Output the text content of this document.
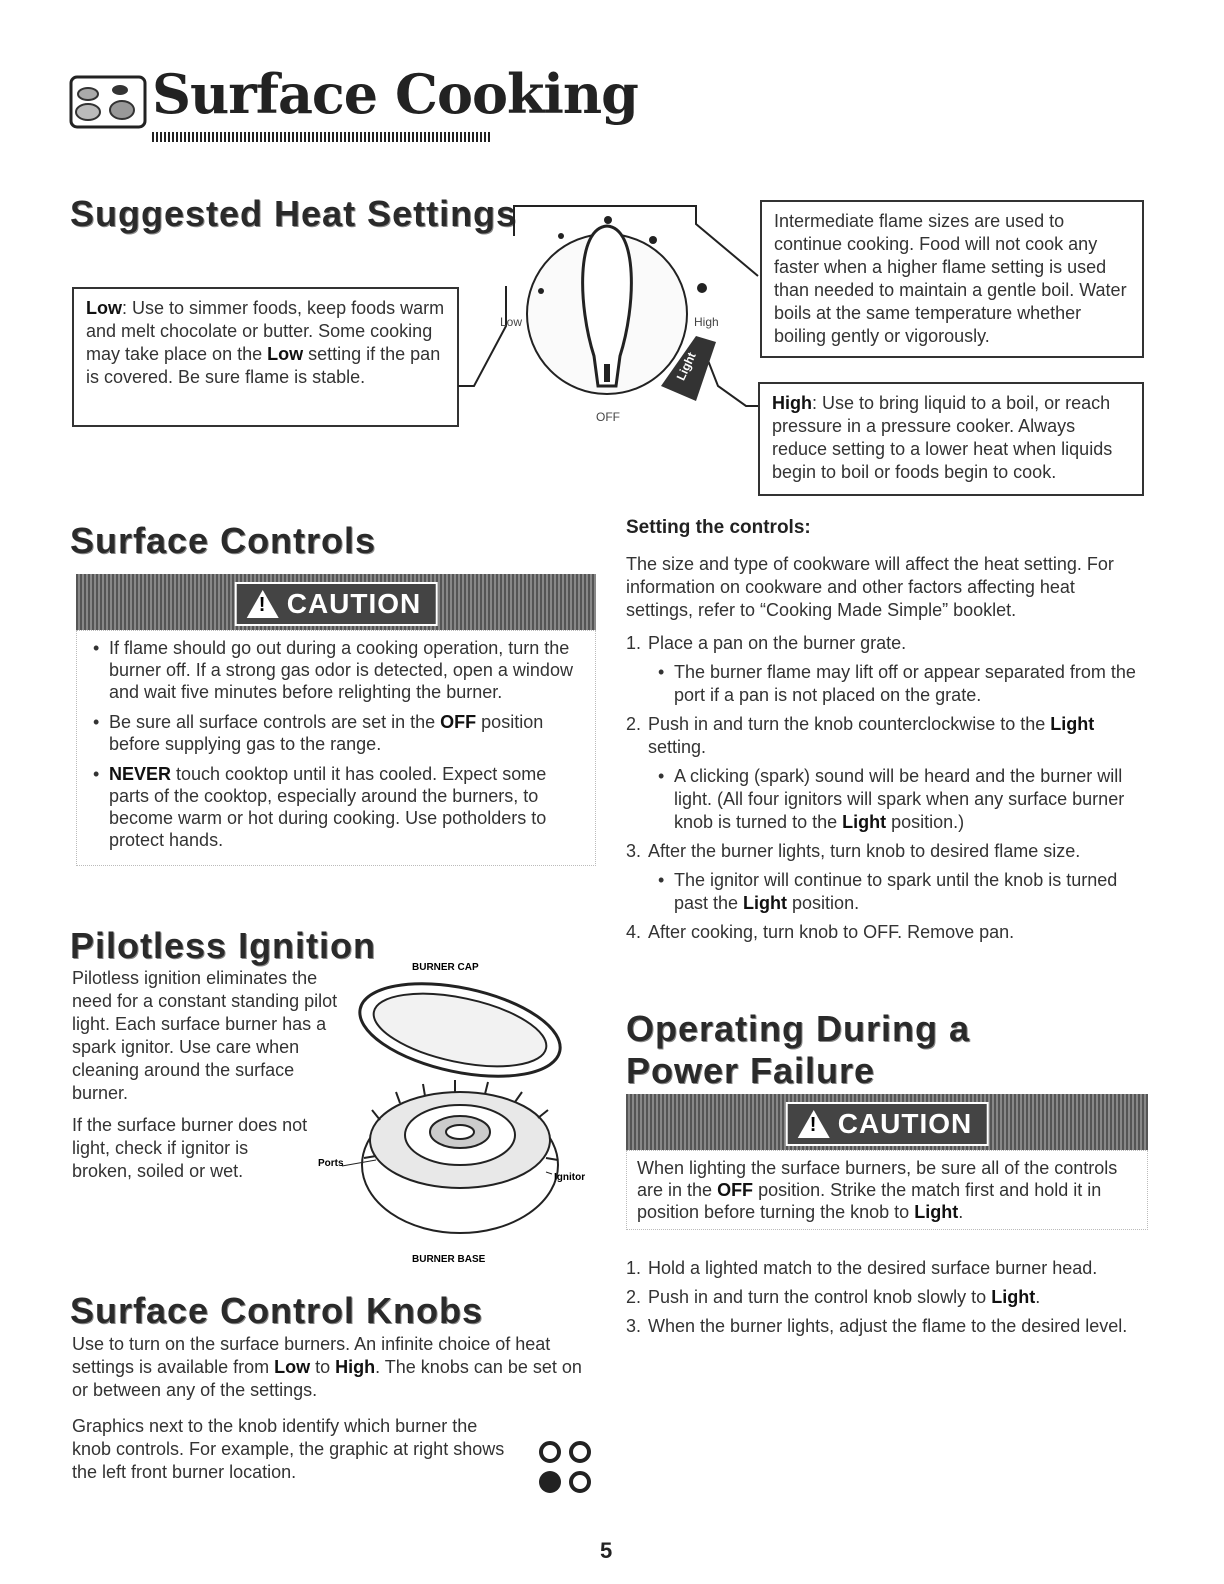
Surface Cooking
Suggested Heat Settings
Low: Use to simmer foods, keep foods warm and melt chocolate or butter. Some cooking may take place on the Low setting if the pan is covered. Be sure flame is stable.
Intermediate flame sizes are used to continue cooking. Food will not cook any faster when a higher flame setting is used than needed to maintain a gentle boil. Water boils at the same temperature whether boiling gently or vigorously.
High: Use to bring liquid to a boil, or reach pressure in a pressure cooker. Always reduce setting to a lower heat when liquids begin to boil or foods begin to cook.
Light
Low	High
OFF
Surface Controls
! CAUTION
• If flame should go out during a cooking operation, turn the burner off. If a strong gas odor is detected, open a window and wait five minutes before relighting the burner.
• Be sure all surface controls are set in the OFF position before supplying gas to the range.
• NEVER touch cooktop until it has cooled. Expect some parts of the cooktop, especially around the burners, to become warm or hot during cooking. Use potholders to protect hands.
Pilotless Ignition
Pilotless ignition eliminates the need for a constant standing pilot light. Each surface burner has a spark ignitor. Use care when cleaning around the surface burner.
If the surface burner does not light, check if ignitor is broken, soiled or wet.
BURNER CAP
Ports
Ignitor
BURNER BASE
Surface Control Knobs
Use to turn on the surface burners. An infinite choice of heat settings is available from Low to High. The knobs can be set on or between any of the settings.
Graphics next to the knob identify which burner the knob controls. For example, the graphic at right shows the left front burner location.
Setting the controls:
The size and type of cookware will affect the heat setting. For information on cookware and other factors affecting heat settings, refer to “Cooking Made Simple” booklet.
1. Place a pan on the burner grate.
• The burner flame may lift off or appear separated from the port if a pan is not placed on the grate.
2. Push in and turn the knob counterclockwise to the Light setting.
• A clicking (spark) sound will be heard and the burner will light. (All four ignitors will spark when any surface burner knob is turned to the Light position.)
3. After the burner lights, turn knob to desired flame size.
• The ignitor will continue to spark until the knob is turned past the Light position.
4. After cooking, turn knob to OFF. Remove pan.
Operating During a
Power Failure
! CAUTION
When lighting the surface burners, be sure all of the controls are in the OFF position. Strike the match first and hold it in position before turning the knob to Light.
1. Hold a lighted match to the desired surface burner head.
2. Push in and turn the control knob slowly to Light.
3. When the burner lights, adjust the flame to the desired level.
5
